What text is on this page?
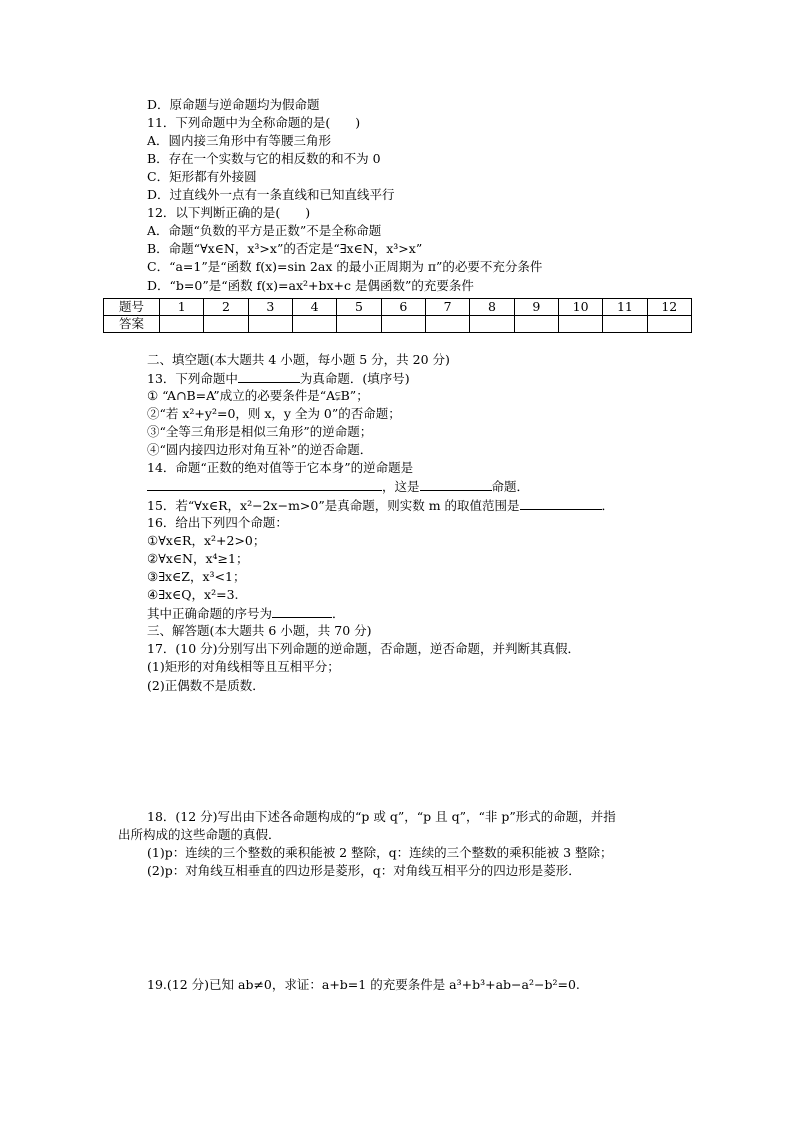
D．原命题与逆命题均为假命题
11．下列命题中为全称命题的是(　　)
A．圆内接三角形中有等腰三角形
B．存在一个实数与它的相反数的和不为 0
C．矩形都有外接圆
D．过直线外一点有一条直线和已知直线平行
12．以下判断正确的是(　　)
A．命题“负数的平方是正数”不是全称命题
B．命题“∀x∈N，x³>x”的否定是“∃x∈N，x³>x”
C．“a=1”是“函数 f(x)=sin 2ax 的最小正周期为 π”的必要不充分条件
D．“b=0”是“函数 f(x)=ax²+bx+c 是偶函数”的充要条件
题号	1	2	3	4	5	6	7	8	9	10	11	12
答案												
二、填空题(本大题共 4 小题，每小题 5 分，共 20 分)
13．下列命题中	为真命题．(填序号)
① “A∩B=A”成立的必要条件是“A⫋B”；
②“若 x²+y²=0，则 x，y 全为 0”的否命题；
③“全等三角形是相似三角形”的逆命题；
④“圆内接四边形对角互补”的逆否命题．
14．命题“正数的绝对值等于它本身”的逆命题是
，这是	命题．
15．若“∀x∈R，x²−2x−m>0”是真命题，则实数 m 的取值范围是	．
16．给出下列四个命题：
①∀x∈R，x²+2>0；
②∀x∈N，x⁴≥1；
③∃x∈Z，x³<1；
④∃x∈Q，x²=3.
其中正确命题的序号为	．
三、解答题(本大题共 6 小题，共 70 分)
17．(10 分)分别写出下列命题的逆命题，否命题，逆否命题，并判断其真假．
(1)矩形的对角线相等且互相平分；
(2)正偶数不是质数．
18．(12 分)写出由下述各命题构成的“p 或 q”，“p 且 q”，“非 p”形式的命题，并指
出所构成的这些命题的真假．
(1)p：连续的三个整数的乘积能被 2 整除，q：连续的三个整数的乘积能被 3 整除；
(2)p：对角线互相垂直的四边形是菱形，q：对角线互相平分的四边形是菱形．
19.(12 分)已知 ab≠0，求证：a+b=1 的充要条件是 a³+b³+ab−a²−b²=0.
